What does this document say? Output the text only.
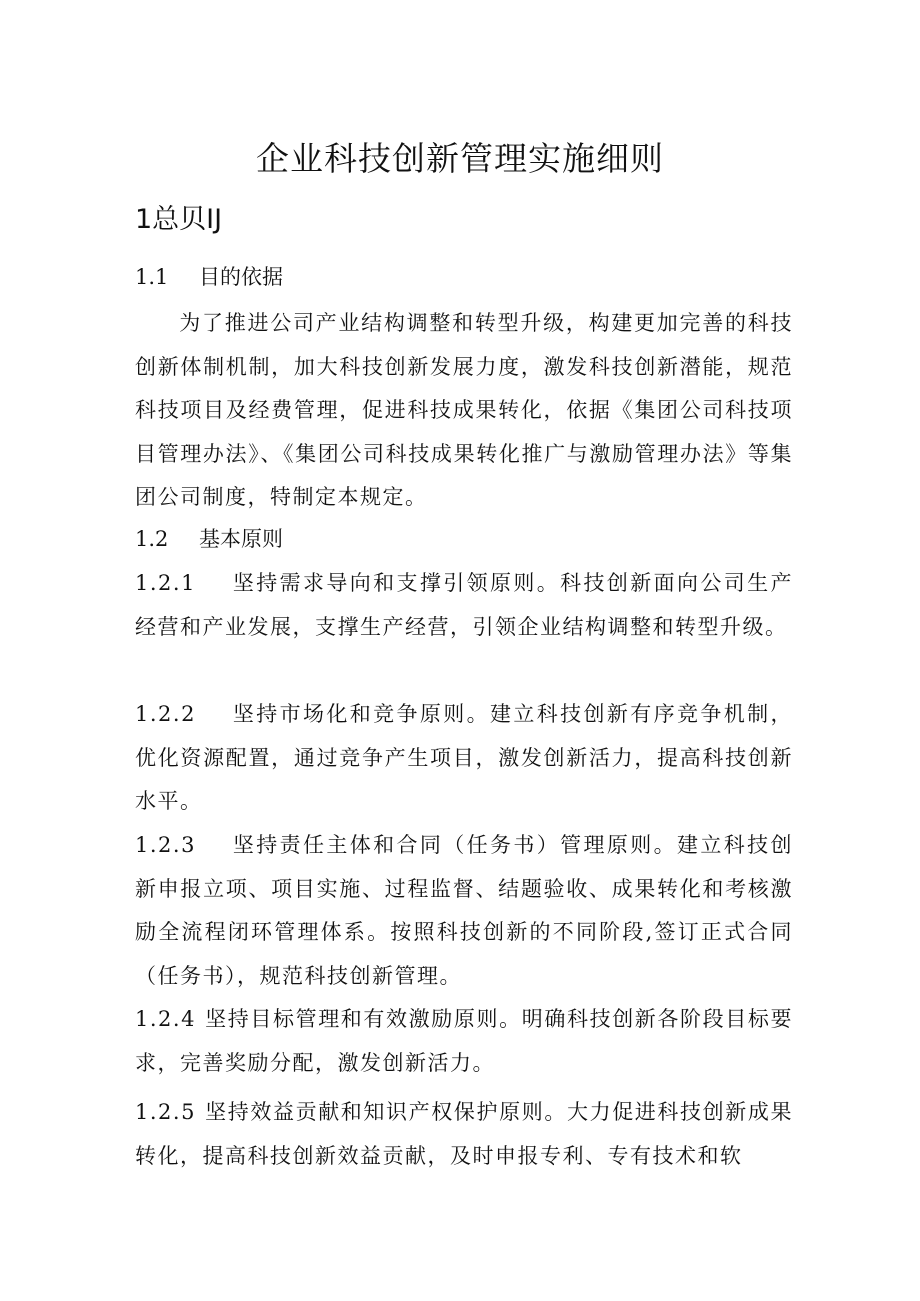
企业科技创新管理实施细则
1总贝IJ
1.1 目的依据

为了推进公司产业结构调整和转型升级，构建更加完善的科技创新体制机制，加大科技创新发展力度，激发科技创新潜能，规范科技项目及经费管理，促进科技成果转化，依据《集团公司科技项目管理办法》、《集团公司科技成果转化推广与激励管理办法》等集团公司制度，特制定本规定。

1.2 基本原则

1.2.1 坚持需求导向和支撑引领原则。科技创新面向公司生产经营和产业发展，支撑生产经营，引领企业结构调整和转型升级。

1.2.2 坚持市场化和竞争原则。建立科技创新有序竞争机制，优化资源配置，通过竞争产生项目，激发创新活力，提高科技创新水平。

1.2.3 坚持责任主体和合同（任务书）管理原则。建立科技创新申报立项、项目实施、过程监督、结题验收、成果转化和考核激励全流程闭环管理体系。按照科技创新的不同阶段,签订正式合同（任务书），规范科技创新管理。

1.2.4 坚持目标管理和有效激励原则。明确科技创新各阶段目标要求，完善奖励分配，激发创新活力。

1.2.5 坚持效益贡献和知识产权保护原则。大力促进科技创新成果转化，提高科技创新效益贡献，及时申报专利、专有技术和软
